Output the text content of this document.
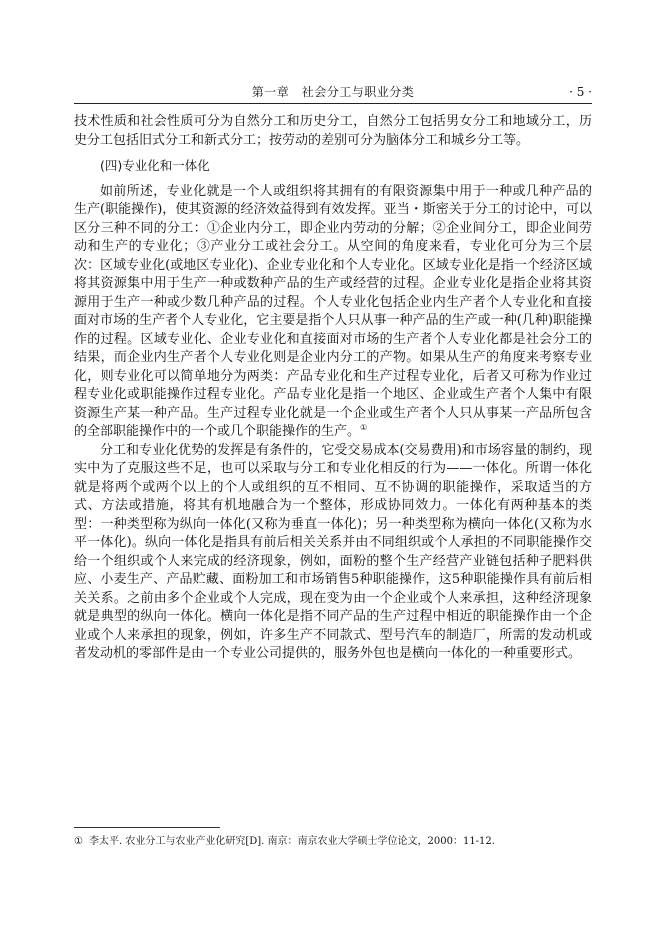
第一章　社会分工与职业分类	· 5 ·

技术性质和社会性质可分为自然分工和历史分工，自然分工包括男女分工和地域分工，历史分工包括旧式分工和新式分工；按劳动的差别可分为脑体分工和城乡分工等。

(四)专业化和一体化

如前所述，专业化就是一个人或组织将其拥有的有限资源集中用于一种或几种产品的生产(职能操作)，使其资源的经济效益得到有效发挥。亚当・斯密关于分工的讨论中，可以区分三种不同的分工：①企业内分工，即企业内劳动的分解；②企业间分工，即企业间劳动和生产的专业化；③产业分工或社会分工。从空间的角度来看，专业化可分为三个层次：区域专业化(或地区专业化)、企业专业化和个人专业化。区域专业化是指一个经济区域将其资源集中用于生产一种或数种产品的生产或经营的过程。企业专业化是指企业将其资源用于生产一种或少数几种产品的过程。个人专业化包括企业内生产者个人专业化和直接面对市场的生产者个人专业化，它主要是指个人只从事一种产品的生产或一种(几种)职能操作的过程。区域专业化、企业专业化和直接面对市场的生产者个人专业化都是社会分工的结果，而企业内生产者个人专业化则是企业内分工的产物。如果从生产的角度来考察专业化，则专业化可以简单地分为两类：产品专业化和生产过程专业化，后者又可称为作业过程专业化或职能操作过程专业化。产品专业化是指一个地区、企业或生产者个人集中有限资源生产某一种产品。生产过程专业化就是一个企业或生产者个人只从事某一产品所包含的全部职能操作中的一个或几个职能操作的生产。①

分工和专业化优势的发挥是有条件的，它受交易成本(交易费用)和市场容量的制约，现实中为了克服这些不足，也可以采取与分工和专业化相反的行为——一体化。所谓一体化就是将两个或两个以上的个人或组织的互不相同、互不协调的职能操作，采取适当的方式、方法或措施，将其有机地融合为一个整体，形成协同效力。一体化有两种基本的类型：一种类型称为纵向一体化(又称为垂直一体化)；另一种类型称为横向一体化(又称为水平一体化)。纵向一体化是指具有前后相关关系并由不同组织或个人承担的不同职能操作交给一个组织或个人来完成的经济现象，例如，面粉的整个生产经营产业链包括种子肥料供应、小麦生产、产品贮藏、面粉加工和市场销售5种职能操作，这5种职能操作具有前后相关关系。之前由多个企业或个人完成，现在变为由一个企业或个人来承担，这种经济现象就是典型的纵向一体化。横向一体化是指不同产品的生产过程中相近的职能操作由一个企业或个人来承担的现象，例如，许多生产不同款式、型号汽车的制造厂，所需的发动机或者发动机的零部件是由一个专业公司提供的，服务外包也是横向一体化的一种重要形式。

① 李太平. 农业分工与农业产业化研究[D]. 南京：南京农业大学硕士学位论文，2000：11-12.
